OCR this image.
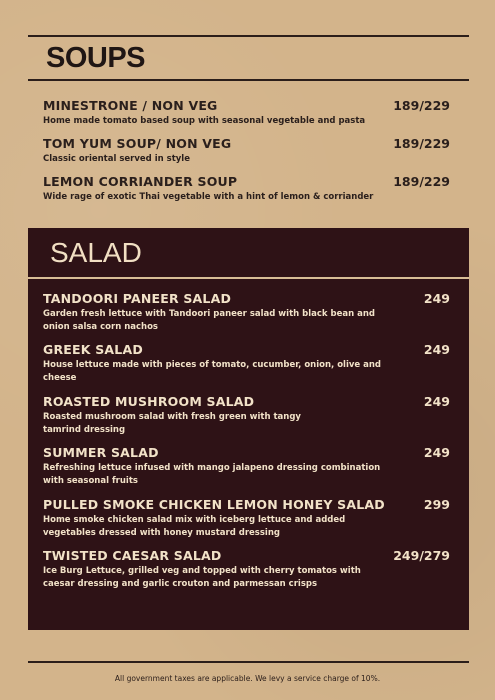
SOUPS
MINESTRONE / NON VEG	189/229
Home made tomato based soup with seasonal vegetable and pasta
TOM YUM SOUP/ NON VEG	189/229
Classic oriental served in style
LEMON CORRIANDER SOUP	189/229
Wide rage of exotic Thai vegetable with a hint of lemon & corriander
SALAD
TANDOORI PANEER SALAD	249
Garden fresh lettuce with Tandoori paneer salad with black bean and
onion salsa corn nachos
GREEK SALAD	249
House lettuce made with pieces of tomato, cucumber, onion, olive and
cheese
ROASTED MUSHROOM SALAD	249
Roasted mushroom salad with fresh green with tangy
tamrind dressing
SUMMER SALAD	249
Refreshing lettuce infused with mango jalapeno dressing combination
with seasonal fruits
PULLED SMOKE CHICKEN LEMON HONEY SALAD	299
Home smoke chicken salad mix with iceberg lettuce and added
vegetables dressed with honey mustard dressing
TWISTED CAESAR SALAD	249/279
Ice Burg Lettuce, grilled veg and topped with cherry tomatos with
caesar dressing and garlic crouton and parmessan crisps
All government taxes are applicable. We levy a service charge of 10%.
